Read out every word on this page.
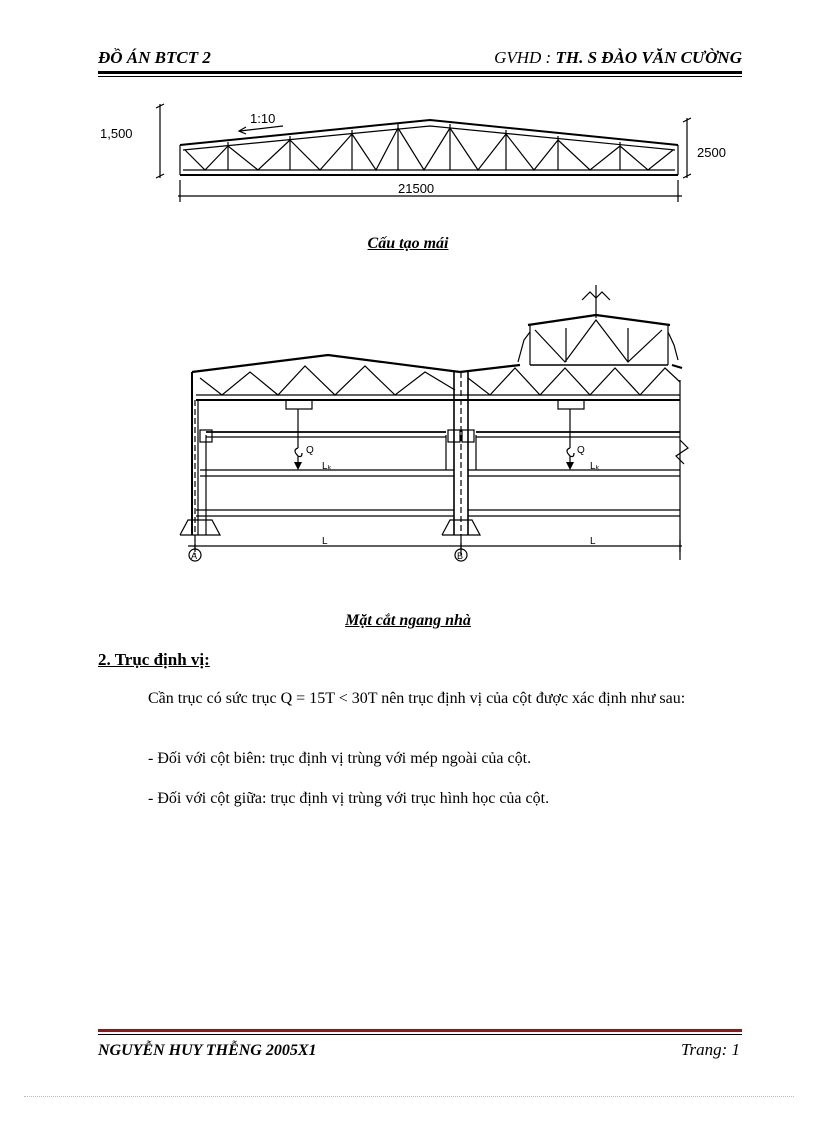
ĐỒ ÁN BTCT 2	GVHD : TH. S ĐÀO VĂN CƯỜNG
1,500
2500
1:10
21500
Cấu tạo mái
Q	Q
Lₖ	Lₖ
L	L
A	B
Mặt cắt ngang nhà
2. Trục định vị:
Cần trục có sức trục Q = 15T < 30T nên trục định vị của cột được xác định như sau:
- Đối với cột biên: trục định vị trùng với mép ngoài của cột.
- Đối với cột giữa: trục định vị trùng với trục hình học của cột.
NGUYỄN HUY THỄNG 2005X1	Trang: 1
